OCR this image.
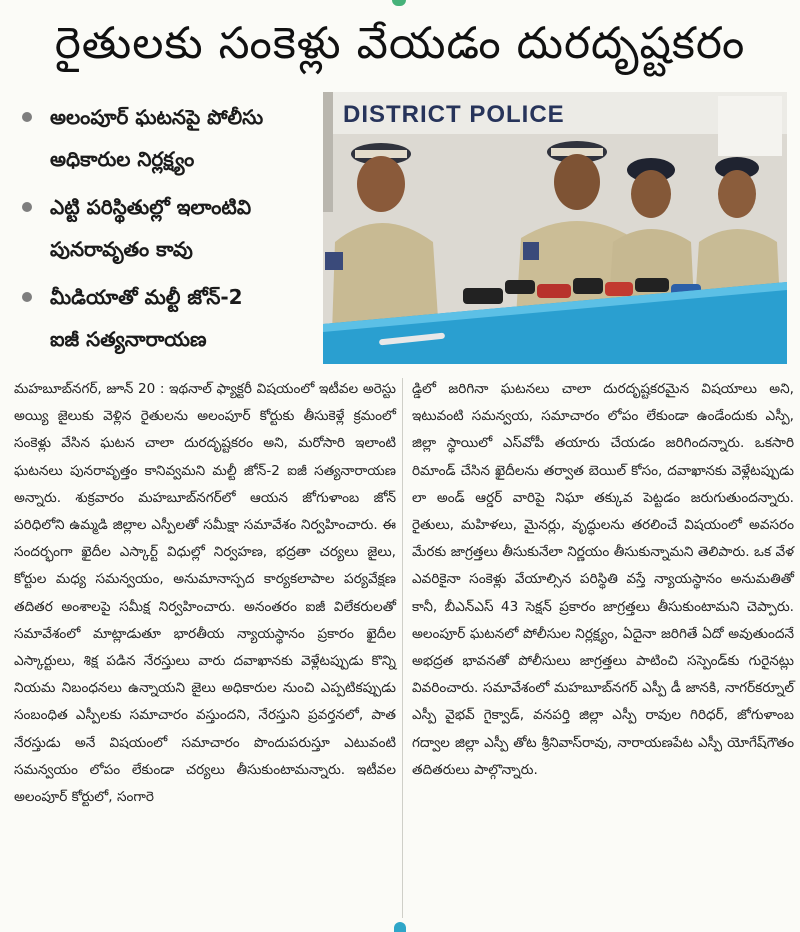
రైతులకు సంకెళ్లు వేయడం దురదృష్టకరం
అలంపూర్ ఘటనపై పోలీసు
అధికారుల నిర్లక్ష్యం
ఎట్టి పరిస్థితుల్లో ఇలాంటివి
పునరావృతం కావు
మీడియాతో మల్టీ జోన్-2
ఐజీ సత్యనారాయణ
DISTRICT POLICE
మహబూబ్‌నగర్, జూన్ 20 : ఇథనాల్ ఫ్యాక్టరీ విషయంలో ఇటీవల అరెస్టు అయ్యి జైలుకు వెళ్లిన రైతులను అలంపూర్ కోర్టుకు తీసుకెళ్లే క్రమంలో సంకెళ్లు వేసిన ఘటన చాలా దురదృష్టకరం అని, మరోసారి ఇలాంటి ఘటనలు పునరావృత్తం కానివ్వమని మల్టీ జోన్-2 ఐజీ సత్యనారాయణ అన్నారు. శుక్రవారం మహబూబ్‌నగర్‌లో ఆయన జోగుళాంబ జోన్ పరిధిలోని ఉమ్మడి జిల్లాల ఎస్పీలతో సమీక్షా సమావేశం నిర్వహించారు. ఈ సందర్భంగా ఖైదీల ఎస్కార్ట్ విధుల్లో నిర్వహణ, భద్రతా చర్యలు జైలు, కోర్టుల మధ్య సమన్వయం, అనుమానాస్పద కార్యకలాపాల పర్యవేక్షణ తదితర అంశాలపై సమీక్ష నిర్వహించారు. అనంతరం ఐజీ విలేకరులతో సమావేశంలో మాట్లాడుతూ భారతీయ న్యాయస్థానం ప్రకారం ఖైదీల ఎస్కార్టులు, శిక్ష పడిన నేరస్తులు వారు దవాఖానకు వెళ్లేటప్పుడు కొన్ని నియమ నిబంధనలు ఉన్నాయని జైలు అధికారుల నుంచి ఎప్పటికప్పుడు సంబంధిత ఎస్పీలకు సమాచారం వస్తుందని, నేరస్తుని ప్రవర్తనలో, పాత నేరస్తుడు అనే విషయంలో సమాచారం పొందుపరుస్తూ ఎటువంటి సమన్వయం లోపం లేకుండా చర్యలు తీసుకుంటామన్నారు. ఇటీవల అలంపూర్ కోర్టులో, సంగారె
డ్డిలో జరిగినా ఘటనలు చాలా దురదృష్టకరమైన విషయాలు అని, ఇటువంటి సమన్వయ, సమాచారం లోపం లేకుండా ఉండేందుకు ఎస్పీ, జిల్లా స్థాయిలో ఎస్‌వోపీ తయారు చేయడం జరిగిందన్నారు. ఒకసారి రిమాండ్ చేసిన ఖైదీలను తర్వాత బెయిల్ కోసం, దవాఖానకు వెళ్లేటప్పుడు లా అండ్ ఆర్డర్ వారిపై నిఘా తక్కువ పెట్టడం జరుగుతుందన్నారు. రైతులు, మహిళలు, మైనర్లు, వృద్ధులను తరలించే విషయంలో అవసరం మేరకు జాగ్రత్తలు తీసుకునేలా నిర్ణయం తీసుకున్నామని తెలిపారు. ఒక వేళ ఎవరికైనా సంకెళ్లు వేయాల్సిన పరిస్థితి వస్తే న్యాయస్థానం అనుమతితో కానీ, బీఎన్ఎస్ 43 సెక్షన్ ప్రకారం జాగ్రత్తలు తీసుకుంటామని చెప్పారు. అలంపూర్ ఘటనలో పోలీసుల నిర్లక్ష్యం, ఏదైనా జరిగితే ఏదో అవుతుందనే అభద్రత భావనతో పోలీసులు జాగ్రత్తలు పాటించి సస్పెండ్‌కు గురైనట్లు వివరించారు. సమావేశంలో మహబూబ్‌నగర్ ఎస్పీ డీ జానకి, నాగర్‌కర్నూల్ ఎస్పీ వైభవ్ గైక్వాడ్, వనపర్తి జిల్లా ఎస్పీ రావుల గిరిధర్, జోగుళాంబ గద్వాల జిల్లా ఎస్పీ తోట శ్రీనివాస్‌రావు, నారాయణపేట ఎస్పీ యోగేష్‌గౌతం తదితరులు పాల్గొన్నారు.
